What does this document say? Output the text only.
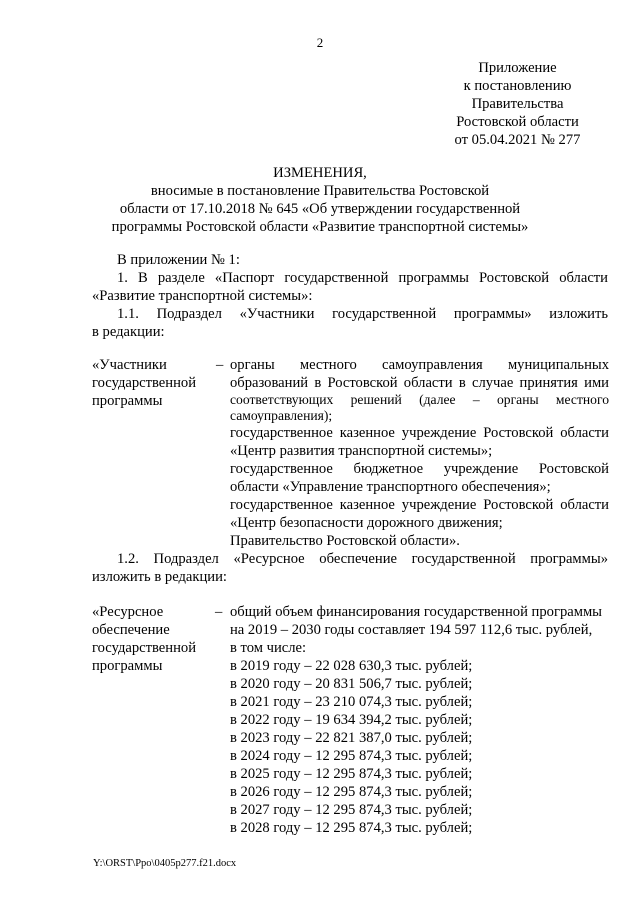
2
Приложение
к постановлению
Правительства
Ростовской области
от 05.04.2021 № 277
ИЗМЕНЕНИЯ,
вносимые в постановление Правительства Ростовской
области от 17.10.2018 № 645 «Об утверждении государственной
программы Ростовской области «Развитие транспортной системы»
В приложении № 1:
1. В разделе «Паспорт государственной программы Ростовской области
«Развитие транспортной системы»:
1.1. Подраздел «Участники государственной программы» изложить
в редакции:
«Участники
государственной
программы
– органы местного самоуправления муниципальных
образований в Ростовской области в случае принятия ими
соответствующих решений (далее – органы местного
самоуправления);
государственное казенное учреждение Ростовской области
«Центр развития транспортной системы»;
государственное бюджетное учреждение Ростовской
области «Управление транспортного обеспечения»;
государственное казенное учреждение Ростовской области
«Центр безопасности дорожного движения;
Правительство Ростовской области».
1.2. Подраздел «Ресурсное обеспечение государственной программы»
изложить в редакции:
«Ресурсное
обеспечение
государственной
программы
– общий объем финансирования государственной программы
на 2019 – 2030 годы составляет 194 597 112,6 тыс. рублей,
в том числе:
в 2019 году – 22 028 630,3 тыс. рублей;
в 2020 году – 20 831 506,7 тыс. рублей;
в 2021 году – 23 210 074,3 тыс. рублей;
в 2022 году – 19 634 394,2 тыс. рублей;
в 2023 году – 22 821 387,0 тыс. рублей;
в 2024 году – 12 295 874,3 тыс. рублей;
в 2025 году – 12 295 874,3 тыс. рублей;
в 2026 году – 12 295 874,3 тыс. рублей;
в 2027 году – 12 295 874,3 тыс. рублей;
в 2028 году – 12 295 874,3 тыс. рублей;
Y:\ORST\Ppo\0405p277.f21.docx
